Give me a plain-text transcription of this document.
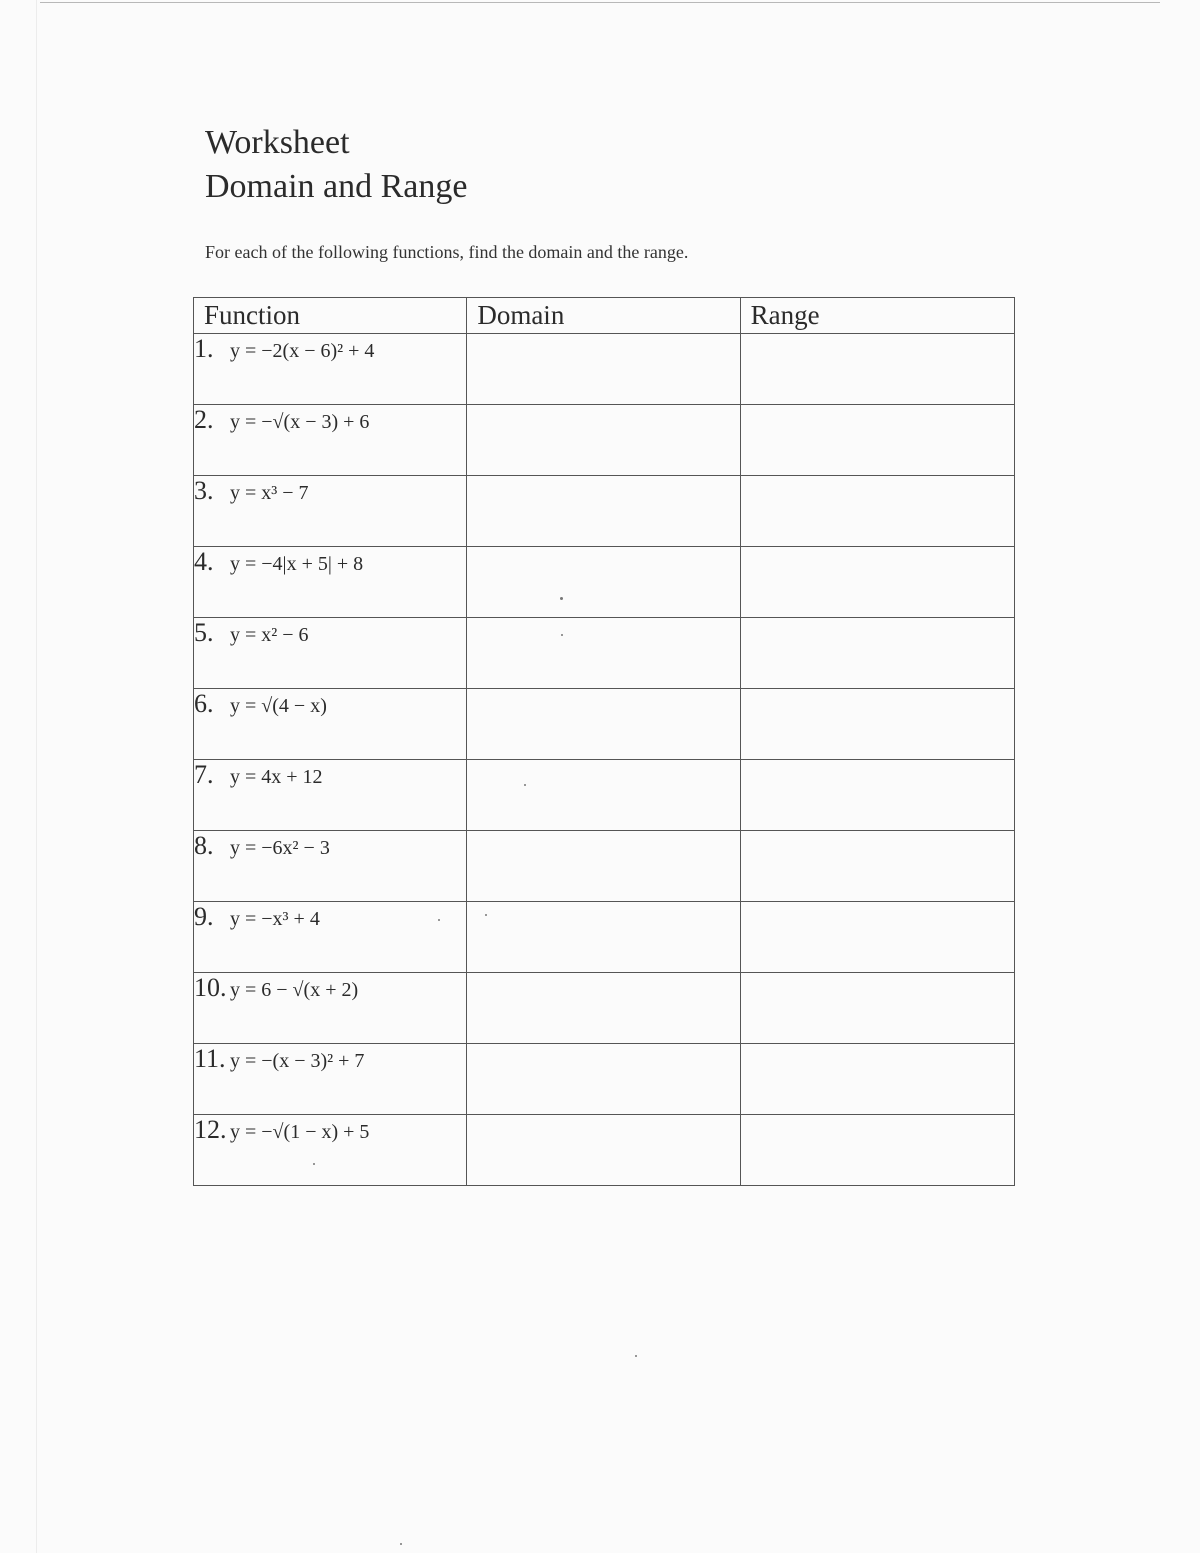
Worksheet
Domain and Range

For each of the following functions, find the domain and the range.

Function	Domain	Range
1. y = −2(x − 6)² + 4		
2. y = −√(x − 3) + 6		
3. y = x³ − 7		
4. y = −4|x + 5| + 8		
5. y = x² − 6		
6. y = √(4 − x)		
7. y = 4x + 12		
8. y = −6x² − 3		
9. y = −x³ + 4		
10. y = 6 − √(x + 2)		
11. y = −(x − 3)² + 7		
12. y = −√(1 − x) + 5		
